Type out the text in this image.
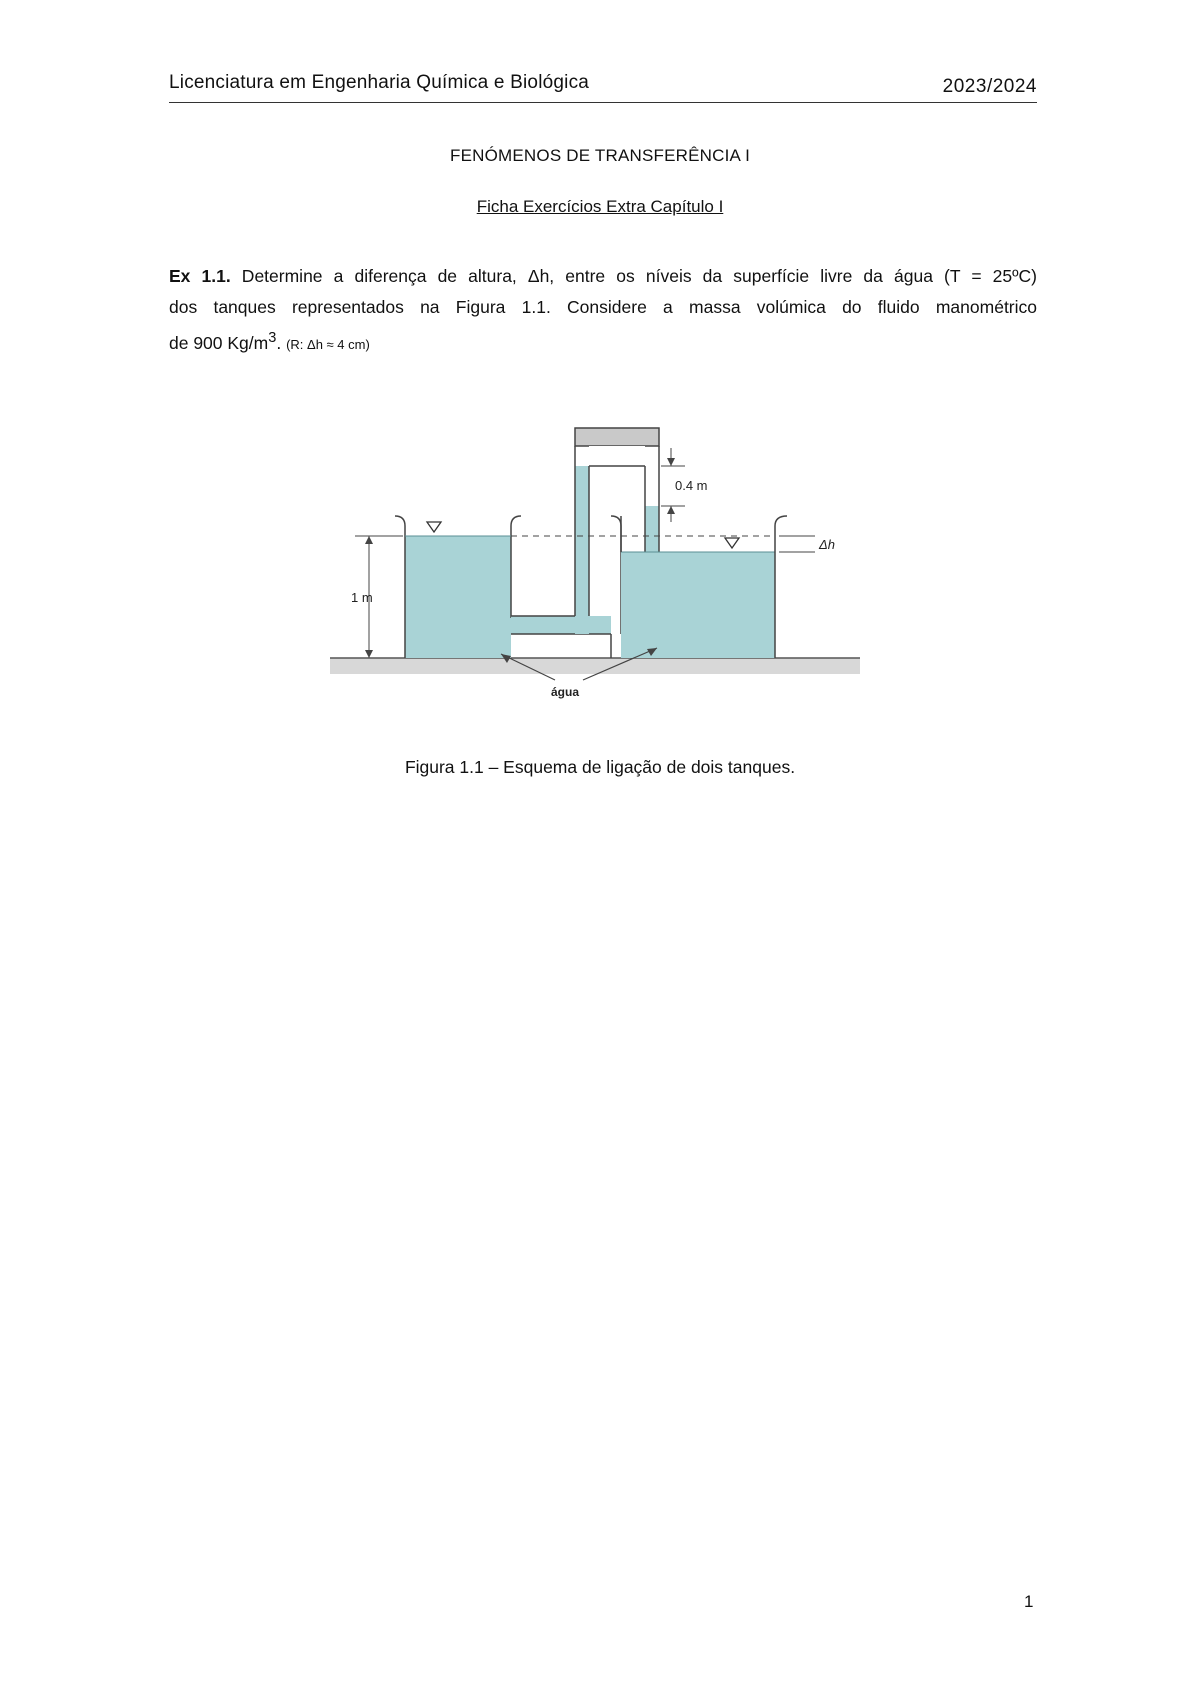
Licenciatura em Engenharia Química e Biológica	2023/2024
FENÓMENOS DE TRANSFERÊNCIA I
Ficha Exercícios Extra Capítulo I
Ex 1.1. Determine a diferença de altura, Δh, entre os níveis da superfície livre da água (T = 25ºC)
dos tanques representados na Figura 1.1. Considere a massa volúmica do fluido manométrico
de 900 $Kg/m^3$. (R: Δh ≈ 4 cm)
1 m
0.4 m
Δh
água
Figura 1.1 – Esquema de ligação de dois tanques.
1
